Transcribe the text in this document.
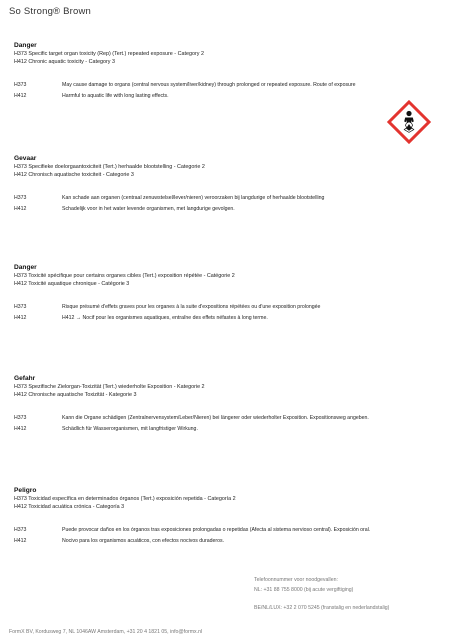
So Strong® Brown
Danger
H373 Specific target organ toxicity (Rep) (Tert.) repeated exposure - Category 2
H412 Chronic aquatic toxicity - Category 3
H373	May cause damage to organs (central nervous system/liver/kidney) through prolonged or repeated exposure. Route of exposure
H412	Harmful to aquatic life with long lasting effects.
Gevaar
H373 Specifieke doelorgaantoxiciteit (Tert.) herhaalde blootstelling - Categorie 2
H412 Chronisch aquatische toxiciteit - Categorie 3
H373	Kan schade aan organen (centraal zenuwstelsel/lever/nieren) veroorzaken bij langdurige of herhaalde blootstelling
H412	Schadelijk voor in het water levende organismen, met langdurige gevolgen.
Danger
H373 Toxicité spécifique pour certains organes cibles (Tert.) exposition répétée - Catégorie 2
H412 Toxicité aquatique chronique - Catégorie 3
H373	Risque présumé d'effets graves pour les organes à la suite d'expositions répétées ou d'une exposition prolongée
H412	H412 → Nocif pour les organismes aquatiques, entraîne des effets néfastes à long terme.
Gefahr
H373 Spezifische Zielorgan-Toxizität (Tert.) wiederholte Exposition - Kategorie 2
H412 Chronische aquatische Toxizität - Kategorie 3
H373	Kann die Organe schädigen (Zentralnervensystem/Leber/Nieren) bei längerer oder wiederholter Exposition. Expositionsweg angeben.
H412	Schädlich für Wasserorganismen, mit langfristiger Wirkung.
Peligro
H373 Toxicidad específica en determinados órganos (Tert.) exposición repetida - Categoría 2
H412 Toxicidad acuática crónica - Categoría 3
H373	Puede provocar daños en los órganos tras exposiciones prolongadas o repetidas (Afecta al sistema nervioso central). Exposición oral.
H412	Nocivo para los organismos acuáticos, con efectos nocivos duraderos.
Telefoonnummer voor noodgevallen:
NL: +31 88 755 8000 (bij acute vergiftiging)
BE/NL/LUX: +32 2 070 5245 (franstalig en nederlandstalig)
FormX BV, Kordusweg 7, NL 1046AW Amsterdam, +31 20 4 1821 05, info@formx.nl
